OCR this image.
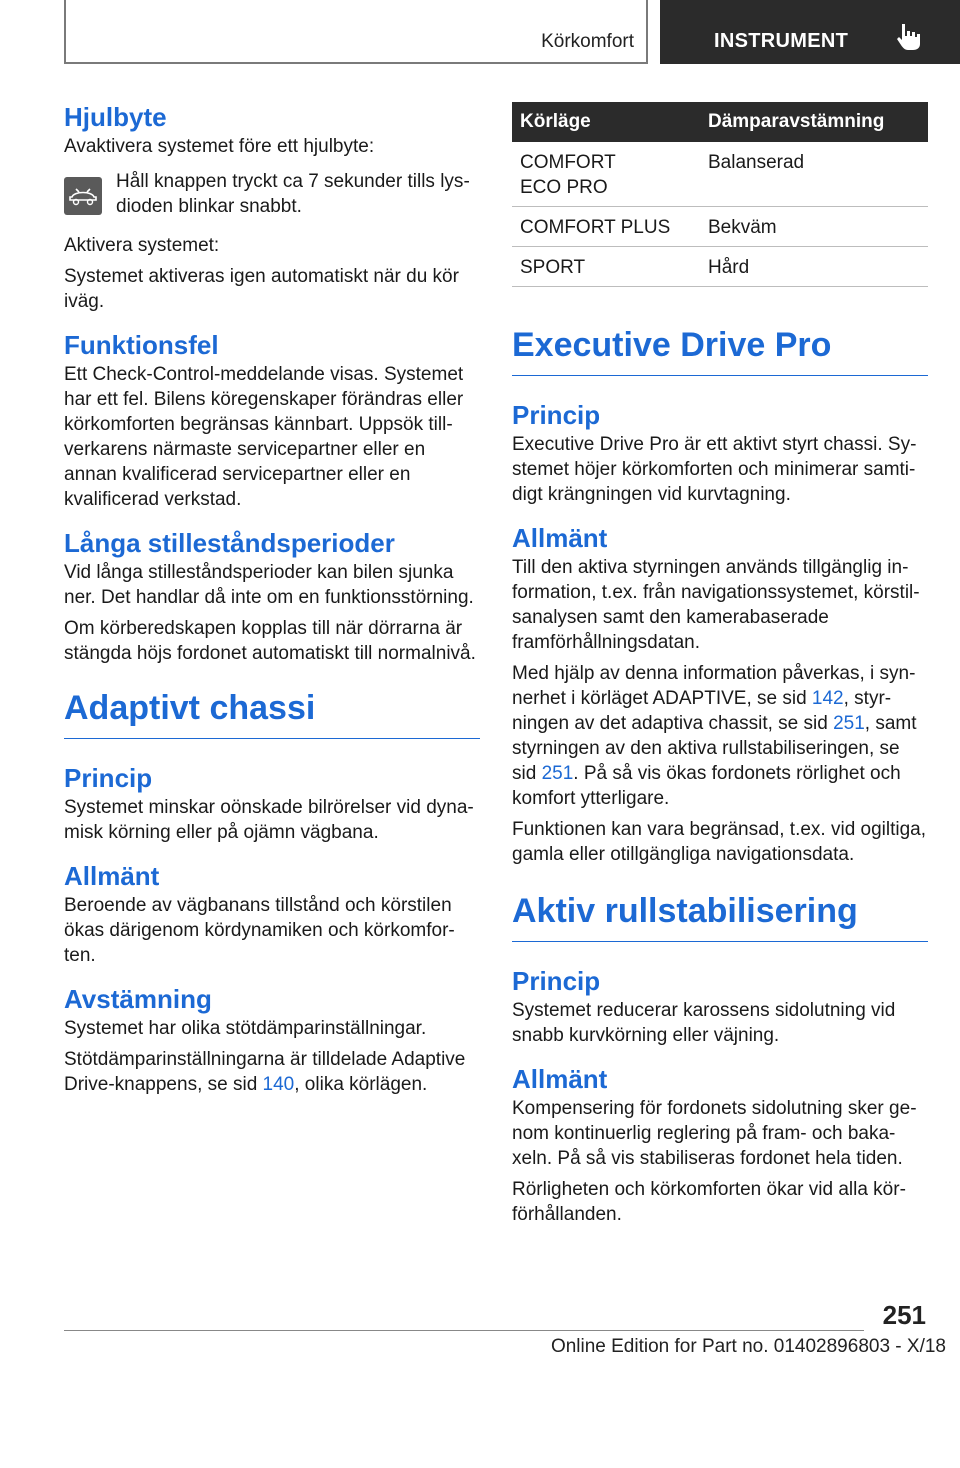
Körkomfort	INSTRUMENT
Hjulbyte

Avaktivera systemet före ett hjulbyte:

Håll knappen tryckt ca 7 sekunder tills lysdioden blinkar snabbt.

Aktivera systemet:

Systemet aktiveras igen automatiskt när du kör iväg.

Funktionsfel

Ett Check-Control-meddelande visas. Systemet har ett fel. Bilens köregenskaper förändras eller körkomforten begränsas kännbart. Uppsök tillverkarens närmaste servicepartner eller en annan kvalificerad servicepartner eller en kvalificerad verkstad.

Långa stilleståndsperioder

Vid långa stilleståndsperioder kan bilen sjunka ner. Det handlar då inte om en funktionsstörning.

Om körberedskapen kopplas till när dörrarna är stängda höjs fordonet automatiskt till normalnivå.

Adaptivt chassi
Princip

Systemet minskar oönskade bilrörelser vid dynamisk körning eller på ojämn vägbana.

Allmänt

Beroende av vägbanans tillstånd och körstilen ökas därigenom kördynamiken och körkomforten.

Avstämning

Systemet har olika stötdämparinställningar.

Stötdämparinställningarna är tilldelade Adaptive Drive-knappens, se sid 140, olika körlägen.

Körläge	Dämparavstämning

COMFORT
ECO PRO	Balanserad
COMFORT PLUS	Bekväm
SPORT	Hård
Executive Drive Pro
Princip

Executive Drive Pro är ett aktivt styrt chassi. Systemet höjer körkomforten och minimerar samtidigt krängningen vid kurvtagning.

Allmänt

Till den aktiva styrningen används tillgänglig information, t.ex. från navigationssystemet, körstilsanalysen samt den kamerabaserade framförhållningsdatan.

Med hjälp av denna information påverkas, i synnerhet i körläget ADAPTIVE, se sid 142, styrningen av det adaptiva chassit, se sid 251, samt styrningen av den aktiva rullstabiliseringen, se sid 251. På så vis ökas fordonets rörlighet och komfort ytterligare.

Funktionen kan vara begränsad, t.ex. vid ogiltiga, gamla eller otillgängliga navigationsdata.

Aktiv rullstabilisering
Princip

Systemet reducerar karossens sidolutning vid snabb kurvkörning eller väjning.

Allmänt

Kompensering för fordonets sidolutning sker genom kontinuerlig reglering på fram- och bakaxeln. På så vis stabiliseras fordonet hela tiden.

Rörligheten och körkomforten ökar vid alla körförhållanden.

251
Online Edition for Part no. 01402896803 - X/18
